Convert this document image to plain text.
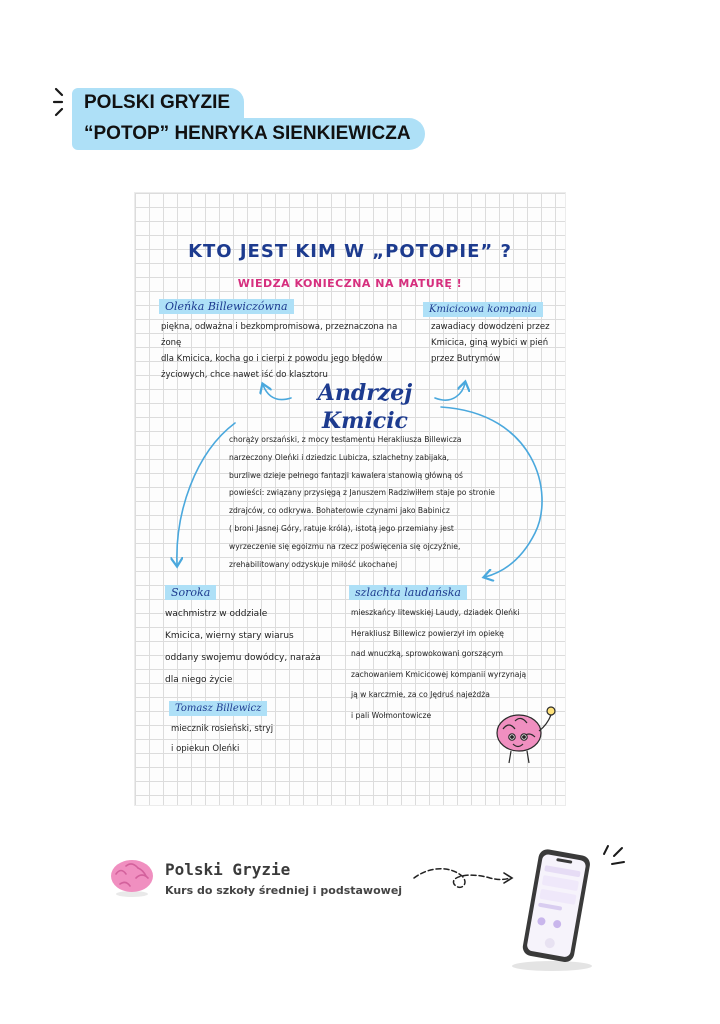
POLSKI GRYZIE
“POTOP” HENRYKA SIENKIEWICZA
KTO JEST KIM W „POTOPIE” ?
WIEDZA KONIECZNA NA MATURĘ !
Oleńka Billewiczówna
piękna, odważna i bezkompromisowa, przeznaczona na żonę
dla Kmicica, kocha go i cierpi z powodu jego błędów
życiowych, chce nawet iść do klasztoru
Kmicicowa kompania
zawadiacy dowodzeni przez
Kmicica, giną wybici w pień
przez Butrymów
Andrzej Kmicic
chorąży orszański, z mocy testamentu Herakliusza Billewicza
narzeczony Oleńki i dziedzic Lubicza, szlachetny zabijaka,
burzliwe dzieje pełnego fantazji kawalera stanowią główną oś
powieści: związany przysięgą z Januszem Radziwiłłem staje po stronie
zdrajców, co odkrywa. Bohaterowie czynami jako Babinicz
( broni Jasnej Góry, ratuje króla), istotą jego przemiany jest
wyrzeczenie się egoizmu na rzecz poświęcenia się ojczyźnie,
zrehabilitowany odzyskuje miłość ukochanej
Soroka
wachmistrz w oddziale
Kmicica, wierny stary wiarus
oddany swojemu dowódcy, naraża
dla niego życie
Tomasz Billewicz
miecznik rosieński, stryj
i opiekun Oleńki
szlachta laudańska
mieszkańcy litewskiej Laudy, dziadek Oleńki
Herakliusz Billewicz powierzył im opiekę
nad wnuczką, sprowokowani gorszącym
zachowaniem Kmicicowej kompanii wyrzynają
ją w karczmie, za co Jędruś najeżdża
i pali Wołmontowicze
Polski Gryzie
Kurs do szkoły średniej i podstawowej
